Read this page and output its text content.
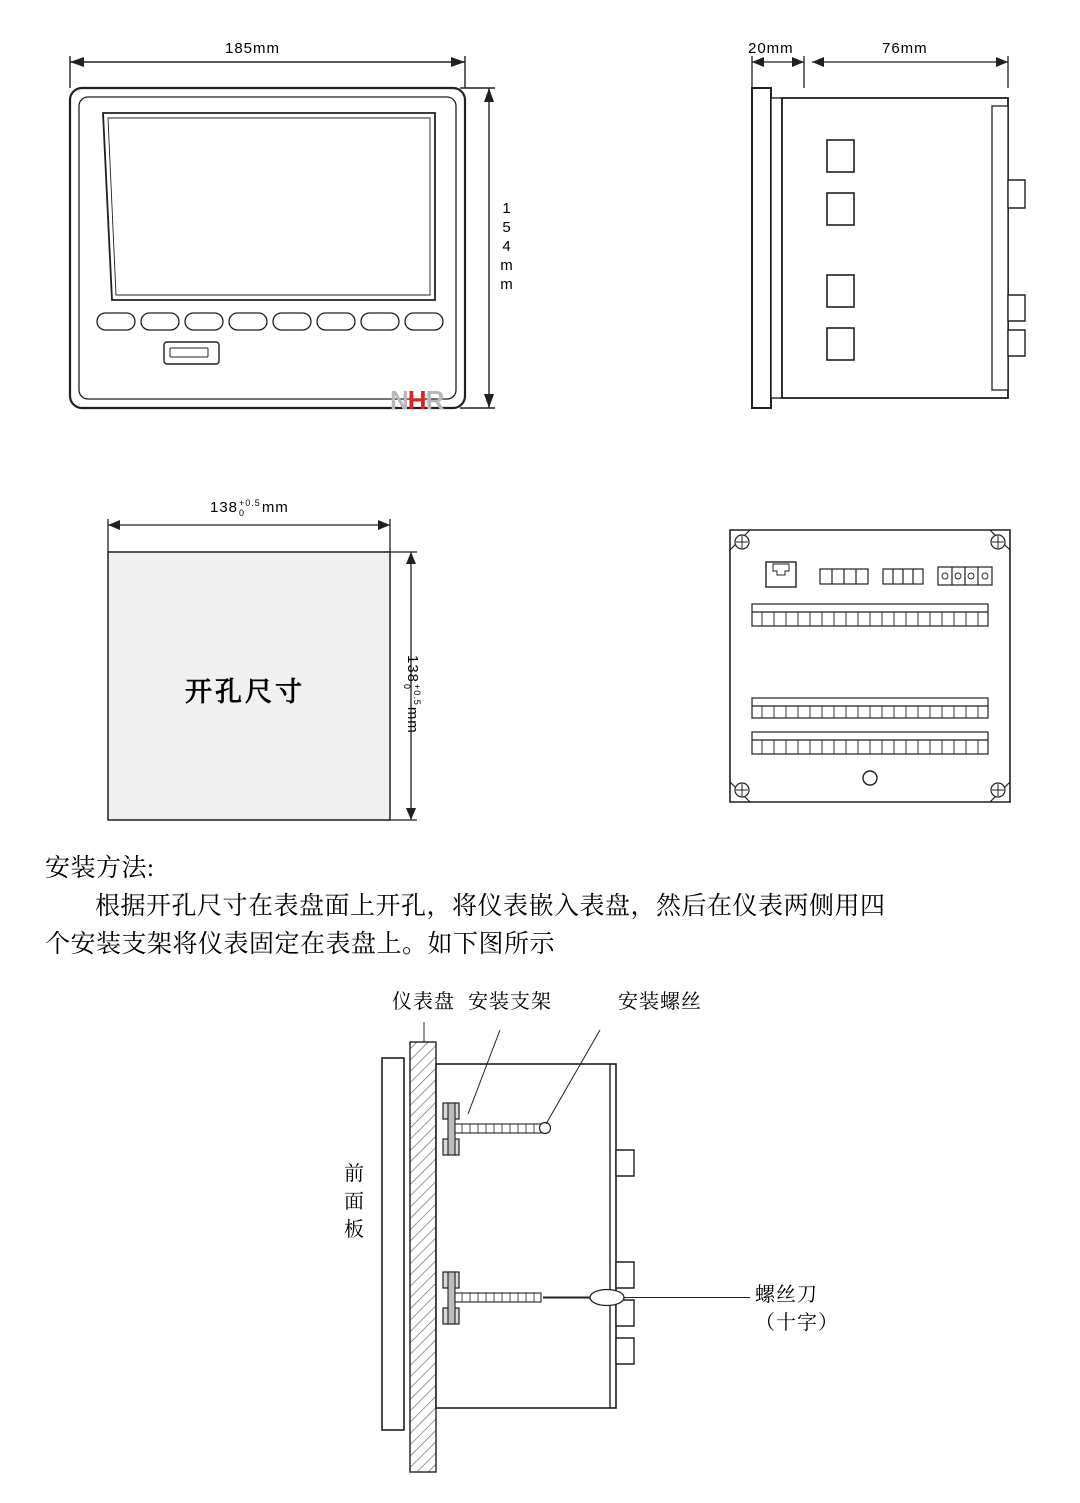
185mm
154mm
NHR
20mm	76mm
138 +0.5
0	mm
138
+0.5
0
mm
开孔尺寸
安装方法:
根据开孔尺寸在表盘面上开孔，将仪表嵌入表盘，然后在仪表两侧用四
个安装支架将仪表固定在表盘上。如下图所示
仪表盘 安装支架	安装螺丝
前面板
螺丝刀
（十字）
